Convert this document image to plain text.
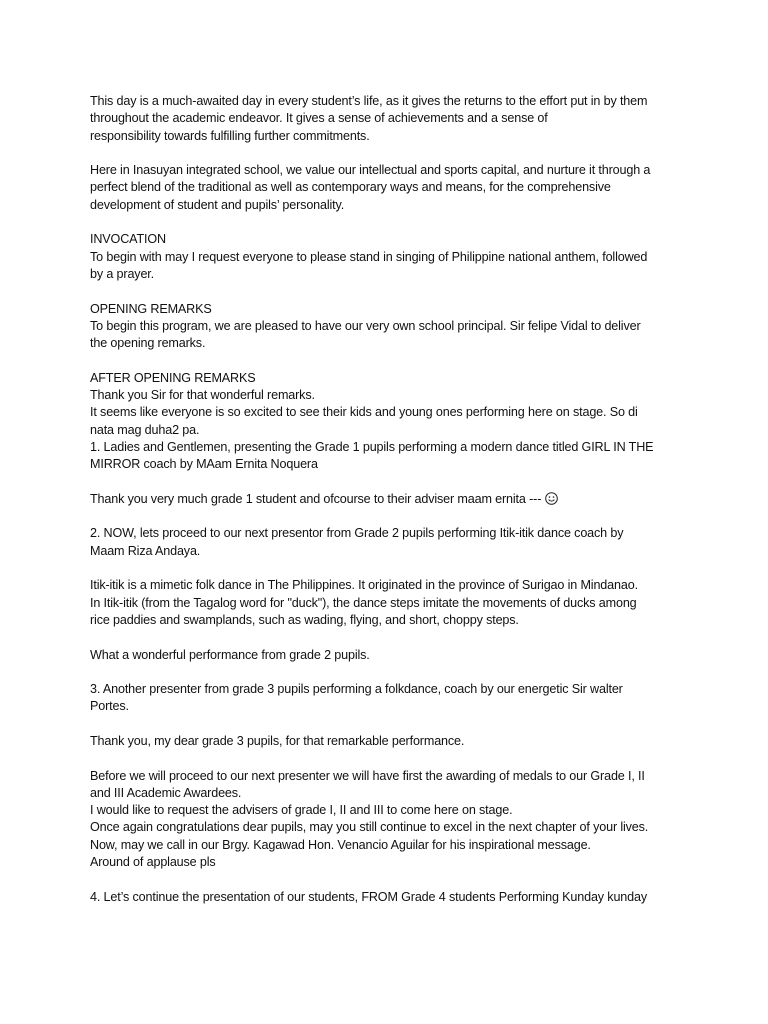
This day is a much-awaited day in every student’s life, as it gives the returns to the effort put in by them
throughout the academic endeavor. It gives a sense of achievements and a sense of
responsibility towards fulfilling further commitments.

Here in Inasuyan integrated school, we value our intellectual and sports capital, and nurture it through a
perfect blend of the traditional as well as contemporary ways and means, for the comprehensive
development of student and pupils’ personality.

INVOCATION
To begin with may I request everyone to please stand in singing of Philippine national anthem, followed
by a prayer.

OPENING REMARKS
To begin this program, we are pleased to have our very own school principal. Sir felipe Vidal to deliver
the opening remarks.

AFTER OPENING REMARKS
Thank you Sir for that wonderful remarks.
It seems like everyone is so excited to see their kids and young ones performing here on stage. So di
nata mag duha2 pa.
1. Ladies and Gentlemen, presenting the Grade 1 pupils performing a modern dance titled GIRL IN THE
MIRROR coach by MAam Ernita Noquera

Thank you very much grade 1 student and ofcourse to their adviser maam ernita ---

2. NOW, lets proceed to our next presentor from Grade 2 pupils performing Itik-itik dance coach by
Maam Riza Andaya.

Itik-itik is a mimetic folk dance in The Philippines. It originated in the province of Surigao in Mindanao.
In Itik-itik (from the Tagalog word for "duck"), the dance steps imitate the movements of ducks among
rice paddies and swamplands, such as wading, flying, and short, choppy steps.

What a wonderful performance from grade 2 pupils.

3. Another presenter from grade 3 pupils performing a folkdance, coach by our energetic Sir walter
Portes.

Thank you, my dear grade 3 pupils, for that remarkable performance.

Before we will proceed to our next presenter we will have first the awarding of medals to our Grade I, II
and III Academic Awardees.
I would like to request the advisers of grade I, II and III to come here on stage.
Once again congratulations dear pupils, may you still continue to excel in the next chapter of your lives.
Now, may we call in our Brgy. Kagawad Hon. Venancio Aguilar for his inspirational message.
Around of applause pls

4. Let’s continue the presentation of our students, FROM Grade 4 students Performing Kunday kunday
